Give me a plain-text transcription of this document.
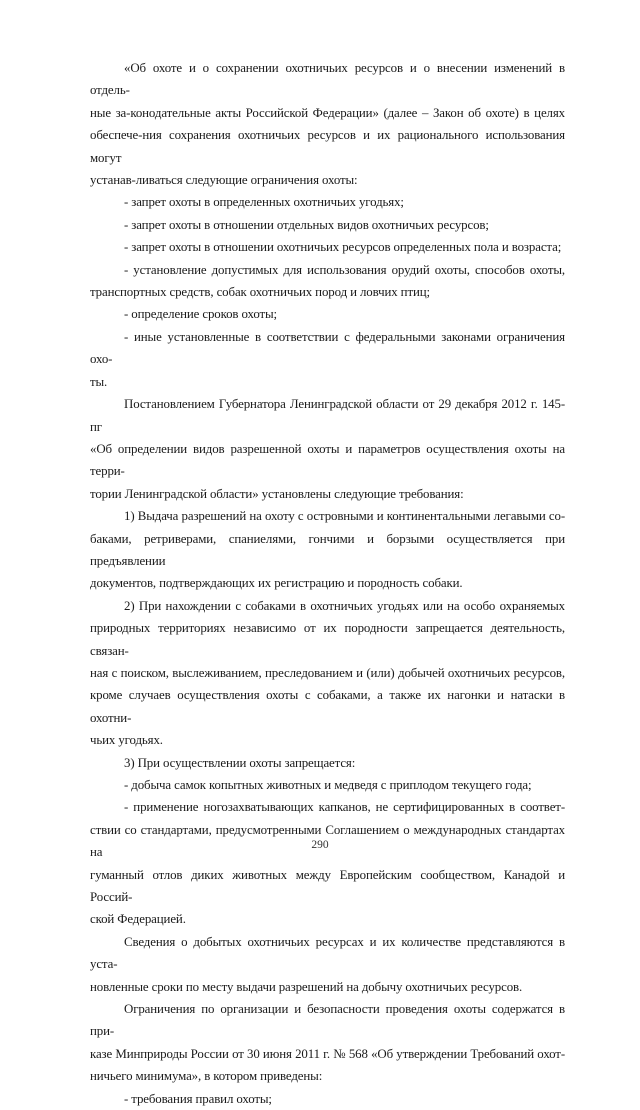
«Об охоте и о сохранении охотничьих ресурсов и о внесении изменений в отдель-
ные за-конодательные акты Российской Федерации» (далее – Закон об охоте) в целях
обеспече-ния сохранения охотничьих ресурсов и их рационального использования могут
устанав-ливаться следующие ограничения охоты:
- запрет охоты в определенных охотничьих угодьях;
- запрет охоты в отношении отдельных видов охотничьих ресурсов;
- запрет охоты в отношении охотничьих ресурсов определенных пола и возраста;
- установление допустимых для использования орудий охоты, способов охоты,
транспортных средств, собак охотничьих пород и ловчих птиц;
- определение сроков охоты;
- иные установленные в соответствии с федеральными законами ограничения охо-
ты.
Постановлением Губернатора Ленинградской области от 29 декабря 2012 г. 145-пг
«Об определении видов разрешенной охоты и параметров осуществления охоты на терри-
тории Ленинградской области» установлены следующие требования:
1) Выдача разрешений на охоту с островными и континентальными легавыми со-
баками, ретриверами, спаниелями, гончими и борзыми осуществляется при предъявлении
документов, подтверждающих их регистрацию и породность собаки.
2) При нахождении с собаками в охотничьих угодьях или на особо охраняемых
природных территориях независимо от их породности запрещается деятельность, связан-
ная с поиском, выслеживанием, преследованием и (или) добычей охотничьих ресурсов,
кроме случаев осуществления охоты с собаками, а также их нагонки и натаски в охотни-
чьих угодьях.
3) При осуществлении охоты запрещается:
- добыча самок копытных животных и медведя с приплодом текущего года;
- применение ногозахватывающих капканов, не сертифицированных в соответ-
ствии со стандартами, предусмотренными Соглашением о международных стандартах на
гуманный отлов диких животных между Европейским сообществом, Канадой и Россий-
ской Федерацией.
Сведения о добытых охотничьих ресурсах и их количестве представляются в уста-
новленные сроки по месту выдачи разрешений на добычу охотничьих ресурсов.
Ограничения по организации и безопасности проведения охоты содержатся в при-
казе Минприроды России от 30 июня 2011 г. № 568 «Об утверждении Требований охот-
ничьего минимума», в котором приведены:
- требования правил охоты;
290
